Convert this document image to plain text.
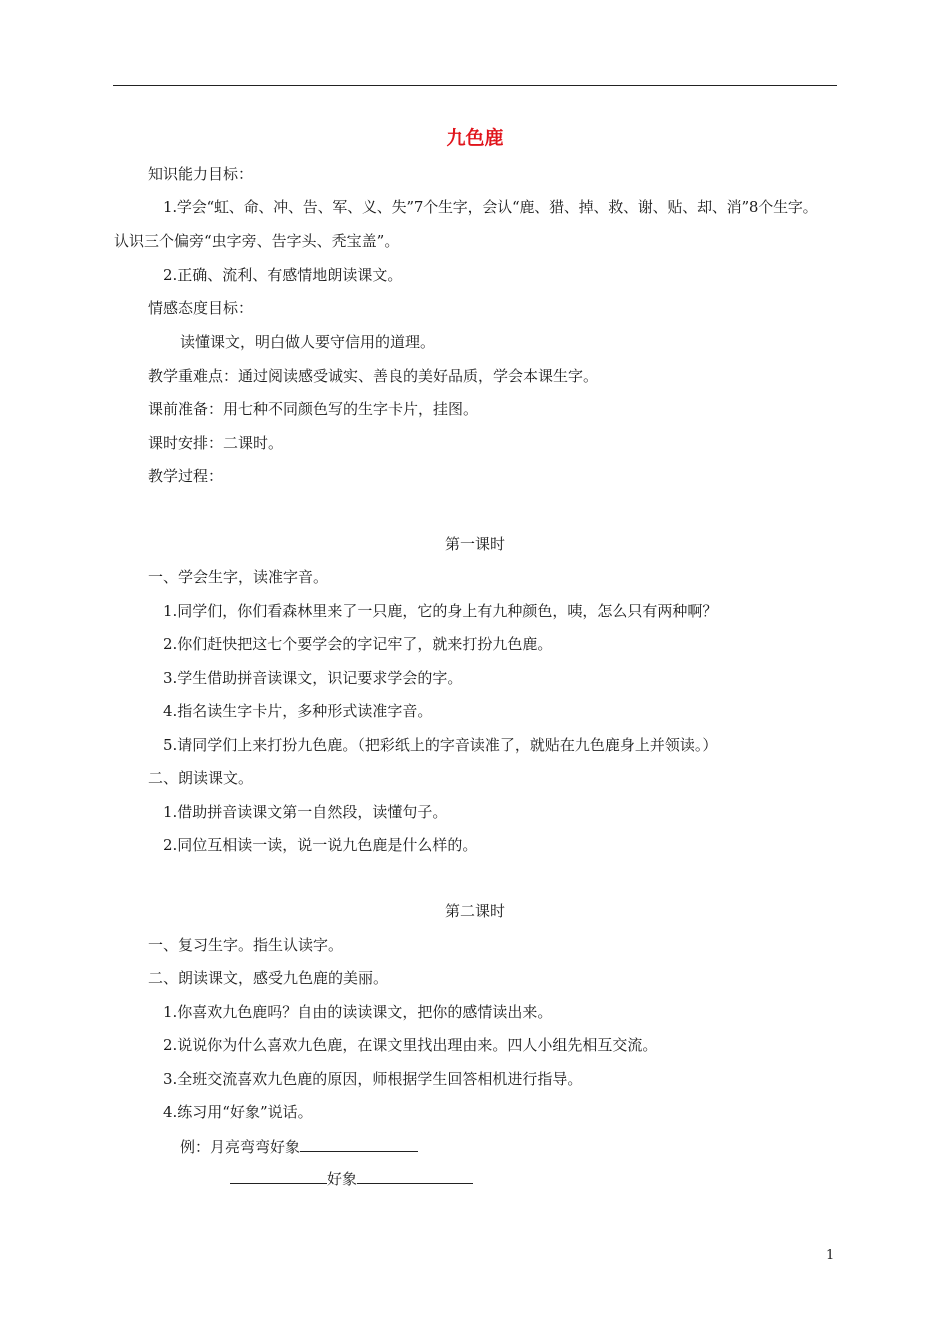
九色鹿
知识能力目标：
1.学会“虹、命、冲、告、军、义、失”7个生字，会认“鹿、猎、掉、救、谢、贴、却、消”8个生字。
认识三个偏旁“虫字旁、告字头、秃宝盖”。
2.正确、流利、有感情地朗读课文。
情感态度目标：
读懂课文，明白做人要守信用的道理。
教学重难点：通过阅读感受诚实、善良的美好品质，学会本课生字。
课前准备：用七种不同颜色写的生字卡片，挂图。
课时安排：二课时。
教学过程：
第一课时
一、学会生字，读准字音。
1.同学们，你们看森林里来了一只鹿，它的身上有九种颜色，咦，怎么只有两种啊？
2.你们赶快把这七个要学会的字记牢了，就来打扮九色鹿。
3.学生借助拼音读课文，识记要求学会的字。
4.指名读生字卡片，多种形式读准字音。
5.请同学们上来打扮九色鹿。（把彩纸上的字音读准了，就贴在九色鹿身上并领读。）
二、朗读课文。
1.借助拼音读课文第一自然段，读懂句子。
2.同位互相读一读，说一说九色鹿是什么样的。
第二课时
一、复习生字。指生认读字。
二、朗读课文，感受九色鹿的美丽。
1.你喜欢九色鹿吗？自由的读读课文，把你的感情读出来。
2.说说你为什么喜欢九色鹿，在课文里找出理由来。四人小组先相互交流。
3.全班交流喜欢九色鹿的原因，师根据学生回答相机进行指导。
4.练习用“好象”说话。
例：月亮弯弯好象
好象
1
